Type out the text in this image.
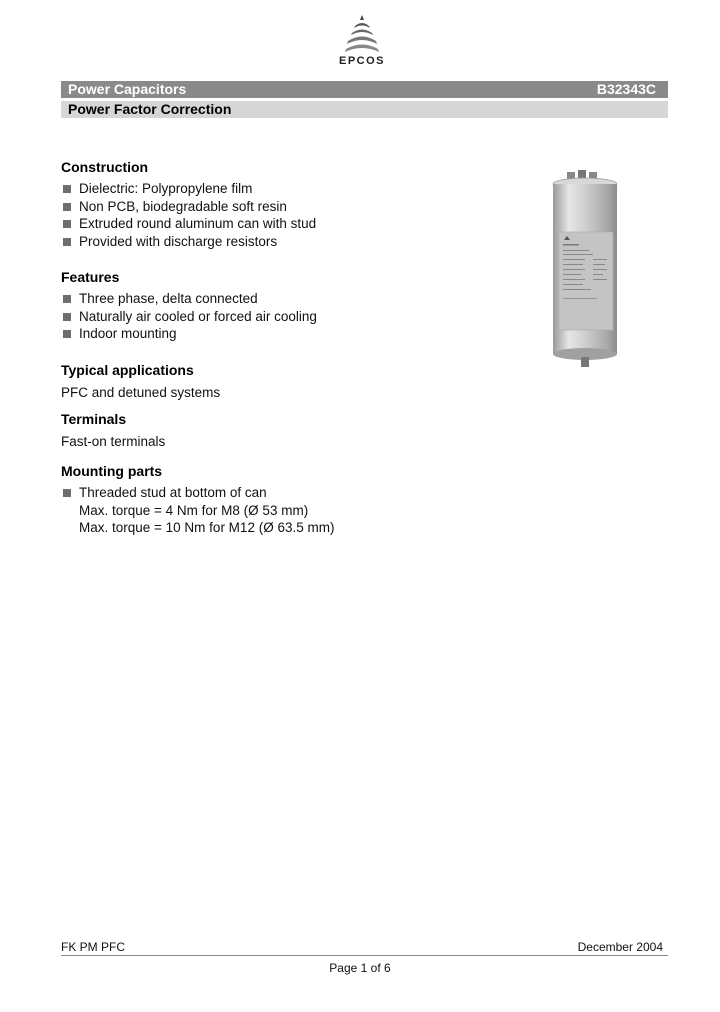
EPCOS
Power Capacitors	B32343C
Power Factor Correction

Construction

Dielectric: Polypropylene film
Non PCB, biodegradable soft resin
Extruded round aluminum can with stud
Provided with discharge resistors

Features

Three phase, delta connected
Naturally air cooled or forced air cooling
Indoor mounting

Typical applications

PFC and detuned systems

Terminals

Fast-on terminals

Mounting parts

Threaded stud at bottom of can
Max. torque = 4 Nm for M8 (Ø 53 mm)
Max. torque = 10 Nm for M12 (Ø 63.5 mm)
FK PM PFC	December 2004
Page 1 of 6
